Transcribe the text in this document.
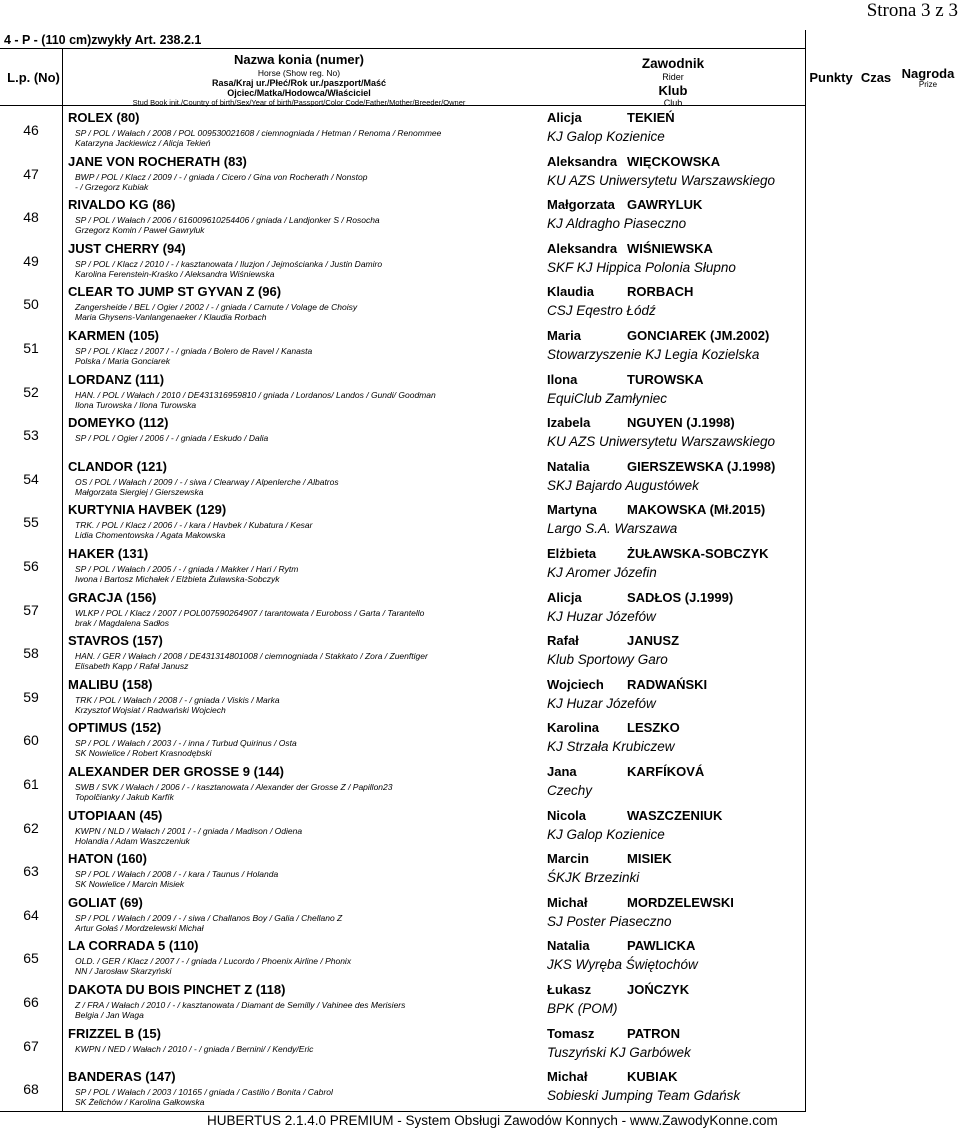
Strona 3 z 3
4 - P - (110 cm)zwykły Art. 238.2.1
L.p. (No)
Nazwa konia (numer)
Horse (Show reg. No)
Rasa/Kraj ur./Płeć/Rok ur./paszport/Maść
Ojciec/Matka/Hodowca/Właściciel
Stud Book init./Country of birth/Sex/Year of birth/Passport/Color Code/Father/Mother/Breeder/Owner
Zawodnik
Rider
Klub
Club
Punkty Czas Nagroda
Prize
46
ROLEX (80)
SP / POL / Wałach / 2008 / POL 009530021608 / ciemnogniada / Hetman / Renoma / Renommee
Katarzyna Jackiewicz / Alicja Tekień
Alicja	TEKIEŃ
KJ Galop Kozienice
47
JANE VON ROCHERATH (83)
BWP / POL / Klacz / 2009 / - / gniada / Cicero / Gina von Rocherath / Nonstop
- / Grzegorz Kubiak
Aleksandra WIĘCKOWSKA
KU AZS Uniwersytetu Warszawskiego
48
RIVALDO KG (86)
SP / POL / Wałach / 2006 / 616009610254406 / gniada / Landjonker S / Rosocha
Grzegorz Komin / Paweł Gawryluk
Małgorzata GAWRYLUK
KJ Aldragho Piaseczno
49
JUST CHERRY (94)
SP / POL / Klacz / 2010 / - / kasztanowata / Iluzjon / Jejmościanka / Justin Damiro
Karolina Ferenstein-Kraśko / Aleksandra Wiśniewska
Aleksandra WIŚNIEWSKA
SKF KJ Hippica Polonia Słupno
50
CLEAR TO JUMP ST GYVAN Z (96)
Zangersheide / BEL / Ogier / 2002 / - / gniada / Carnute / Volage de Choisy
Maria Ghysens-Vanlangenaeker / Klaudia Rorbach
Klaudia	RORBACH
CSJ Eqestro Łódź
51
KARMEN (105)
SP / POL / Klacz / 2007 / - / gniada / Bolero de Ravel / Kanasta
Polska / Maria Gonciarek
Maria	GONCIAREK (JM.2002)
Stowarzyszenie KJ Legia Kozielska
52
LORDANZ (111)
HAN. / POL / Wałach / 2010 / DE431316959810 / gniada / Lordanos/ Landos / Gundi/ Goodman
Ilona Turowska / Ilona Turowska
Ilona	TUROWSKA
EquiClub Zamłyniec
53
DOMEYKO (112)
SP / POL / Ogier / 2006 / - / gniada / Eskudo / Dalia
Izabela	NGUYEN (J.1998)
KU AZS Uniwersytetu Warszawskiego
54
CLANDOR (121)
OS / POL / Wałach / 2009 / - / siwa / Clearway / Alpenlerche / Albatros
Małgorzata Siergiej / Gierszewska
Natalia	GIERSZEWSKA (J.1998)
SKJ Bajardo Augustówek
55
KURTYNIA HAVBEK (129)
TRK. / POL / Klacz / 2006 / - / kara / Havbek / Kubatura / Kesar
Lidia Chomentowska / Agata Makowska
Martyna MAKOWSKA (Mł.2015)
Largo S.A. Warszawa
56
HAKER (131)
SP / POL / Wałach / 2005 / - / gniada / Makker / Hari / Rytm
Iwona i Bartosz Michałek / Elżbieta Żuławska-Sobczyk
Elżbieta ŻUŁAWSKA-SOBCZYK
KJ Aromer Józefin
57
GRACJA (156)
WLKP / POL / Klacz / 2007 / POL007590264907 / tarantowata / Euroboss / Garta / Tarantello
brak / Magdalena Sadłos
Alicja	SADŁOS (J.1999)
KJ Huzar Józefów
58
STAVROS (157)
HAN. / GER / Wałach / 2008 / DE431314801008 / ciemnogniada / Stakkato / Zora / Zuenftiger
Elisabeth Kapp / Rafał Janusz
Rafał	JANUSZ
Klub Sportowy Garo
59
MALIBU (158)
TRK / POL / Wałach / 2008 / - / gniada / Viskis / Marka
Krzysztof Wojsiat / Radwański Wojciech
Wojciech RADWAŃSKI
KJ Huzar Józefów
60
OPTIMUS (152)
SP / POL / Wałach / 2003 / - / inna / Turbud Quirinus / Osta
SK Nowielice / Robert Krasnodębski
Karolina LESZKO
KJ Strzała Krubiczew
61
ALEXANDER DER GROSSE 9 (144)
SWB / SVK / Wałach / 2006 / - / kasztanowata / Alexander der Grosse Z / Papillon23
Topolčianky / Jakub Karfík
Jana	KARFÍKOVÁ
Czechy
62
UTOPIAAN (45)
KWPN / NLD / Wałach / 2001 / - / gniada / Madison / Odiena
Holandia / Adam Waszczeniuk
Nicola	WASZCZENIUK
KJ Galop Kozienice
63
HATON (160)
SP / POL / Wałach / 2008 / - / kara / Taunus / Holanda
SK Nowielice / Marcin Misiek
Marcin	MISIEK
ŚKJK Brzezinki
64
GOLIAT (69)
SP / POL / Wałach / 2009 / - / siwa / Challanos Boy / Galia / Chellano Z
Artur Gołaś / Mordzelewski Michał
Michał	MORDZELEWSKI
SJ Poster Piaseczno
65
LA CORRADA 5 (110)
OLD. / GER / Klacz / 2007 / - / gniada / Lucordo / Phoenix Airline / Phonix
NN / Jarosław Skarzyński
Natalia	PAWLICKA
JKS Wyręba Świętochów
66
DAKOTA DU BOIS PINCHET Z (118)
Z / FRA / Wałach / 2010 / - / kasztanowata / Diamant de Semilly / Vahinee des Merisiers
Belgia / Jan Waga
Łukasz	JOŃCZYK
BPK (POM)
67
FRIZZEL B (15)
KWPN / NED / Wałach / 2010 / - / gniada / Bernini/ / Kendy/Eric
Tomasz	PATRON
Tuszyński KJ Garbówek
68
BANDERAS (147)
SP / POL / Wałach / 2003 / 10165 / gniada / Castilio / Bonita / Cabrol
SK Żelichów / Karolina Gałkowska
Michał	KUBIAK
Sobieski Jumping Team Gdańsk
HUBERTUS 2.1.4.0 PREMIUM - System Obsługi Zawodów Konnych - www.ZawodyKonne.com
